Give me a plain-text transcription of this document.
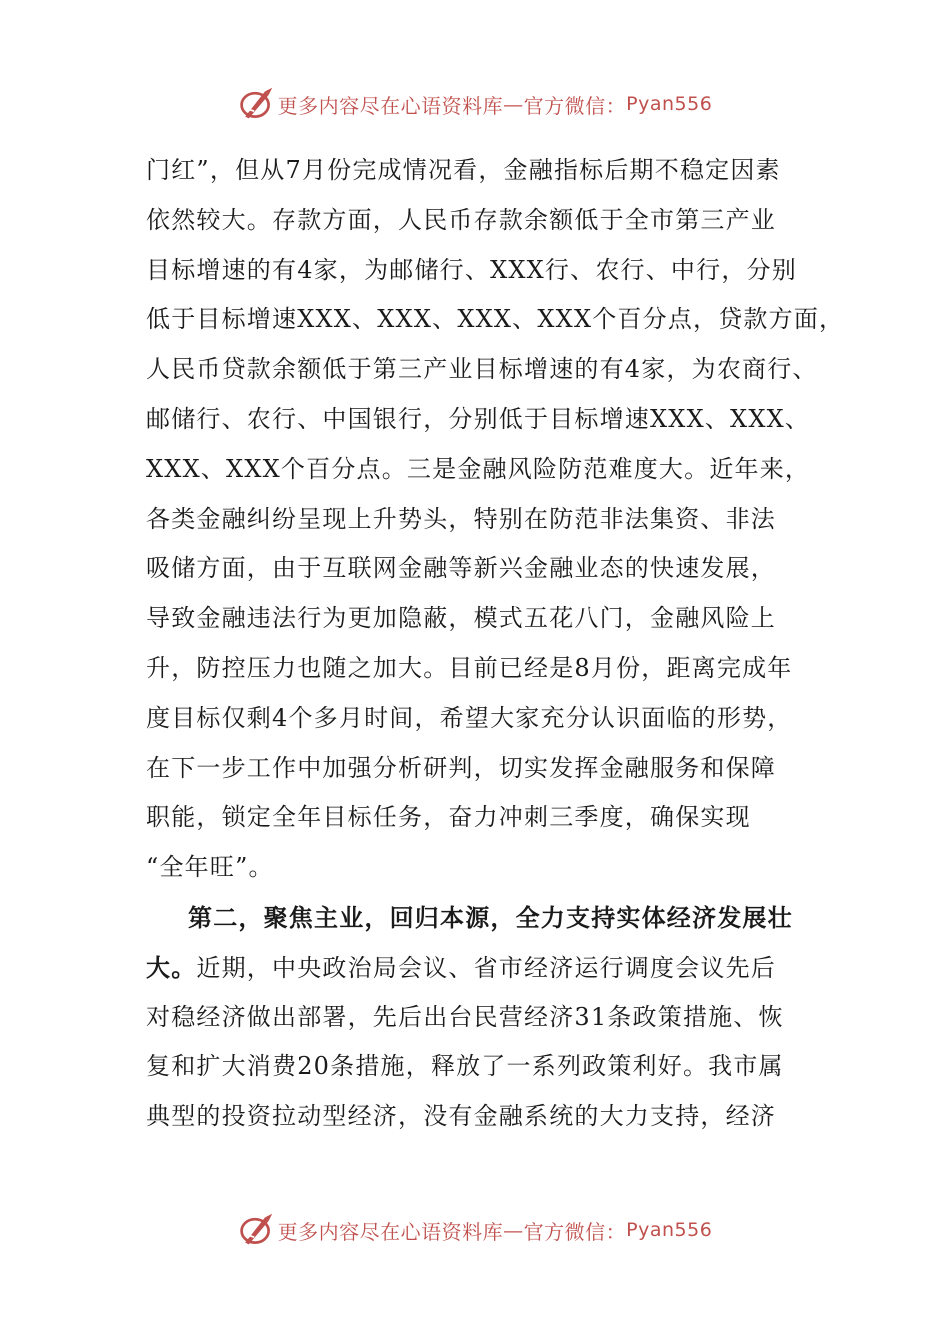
更多内容尽在心语资料库 — 官方微信： Pyan556
门红”，但从7月份完成情况看，金融指标后期不稳定因素
依然较大。存款方面，人民币存款余额低于全市第三产业
目标增速的有4家，为邮储行、XXX行、农行、中行，分别
低于目标增速XXX、XXX、XXX、XXX个百分点，贷款方面，
人民币贷款余额低于第三产业目标增速的有4家，为农商行、
邮储行、农行、中国银行，分别低于目标增速XXX、XXX、
XXX、XXX个百分点。三是金融风险防范难度大。近年来，
各类金融纠纷呈现上升势头，特别在防范非法集资、非法
吸储方面，由于互联网金融等新兴金融业态的快速发展，
导致金融违法行为更加隐蔽，模式五花八门，金融风险上
升，防控压力也随之加大。目前已经是8月份，距离完成年
度目标仅剩4个多月时间，希望大家充分认识面临的形势，
在下一步工作中加强分析研判，切实发挥金融服务和保障
职能，锁定全年目标任务，奋力冲刺三季度，确保实现
“全年旺”。
第二，聚焦主业，回归本源，全力支持实体经济发展壮
大。近期，中央政治局会议、省市经济运行调度会议先后
对稳经济做出部署，先后出台民营经济31条政策措施、恢
复和扩大消费20条措施，释放了一系列政策利好。我市属
典型的投资拉动型经济，没有金融系统的大力支持，经济
更多内容尽在心语资料库 — 官方微信： Pyan556
